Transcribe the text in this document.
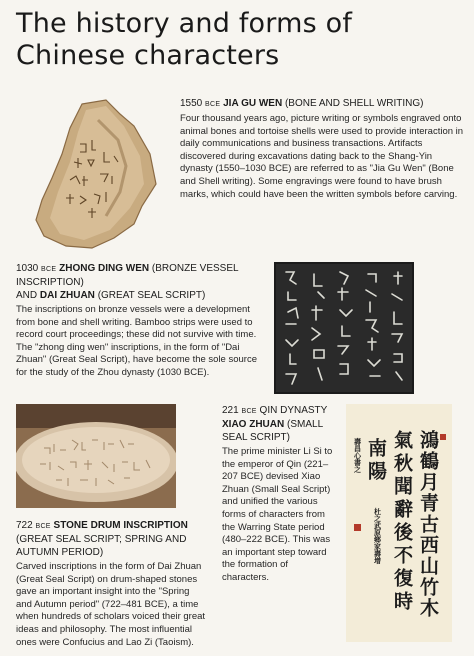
The history and forms of Chinese characters
1550 BCE JIA GU WEN (BONE AND SHELL WRITING)
Four thousand years ago, picture writing or symbols engraved onto animal bones and tortoise shells were used to provide interaction in daily communications and business transactions. Artifacts discovered during excavations dating back to the Shang-Yin dynasty (1550–1030 BCE) are referred to as "Jia Gu Wen" (Bone and Shell writing). Some engravings were found to have brush marks, which could have been the written symbols before carving.
1030 BCE ZHONG DING WEN (BRONZE VESSEL INSCRIPTION)
AND DAI ZHUAN (GREAT SEAL SCRIPT)
The inscriptions on bronze vessels were a development from bone and shell writing. Bamboo strips were used to record court proceedings; these did not survive with time. The "zhong ding wen" inscriptions, in the form of "Dai Zhuan" (Great Seal Script), have become the sole source for the study of the Zhou dynasty (1030 BCE).
722 BCE STONE DRUM INSCRIPTION (GREAT SEAL SCRIPT; SPRING AND AUTUMN PERIOD)
Carved inscriptions in the form of Dai Zhuan (Great Seal Script) on drum-shaped stones gave an important insight into the "Spring and Autumn period" (722–481 BCE), a time when hundreds of scholars voiced their great ideas and philosophy. The most influential ones were Confucius and Lao Zi (Taoism).
221 BCE QIN DYNASTY
XIAO ZHUAN (SMALL SEAL SCRIPT)
The prime minister Li Si to the emperor of Qin (221–207 BCE) devised Xiao Zhuan (Small Seal Script) and unified the various forms of characters from the Warring State period (480–222 BCE). This was an important step toward the formation of characters.	鴻鶴月青古西山竹木
氣秋聞辭後不復時
南陽
壽昌心書之
杜之武原鄉家壽增
